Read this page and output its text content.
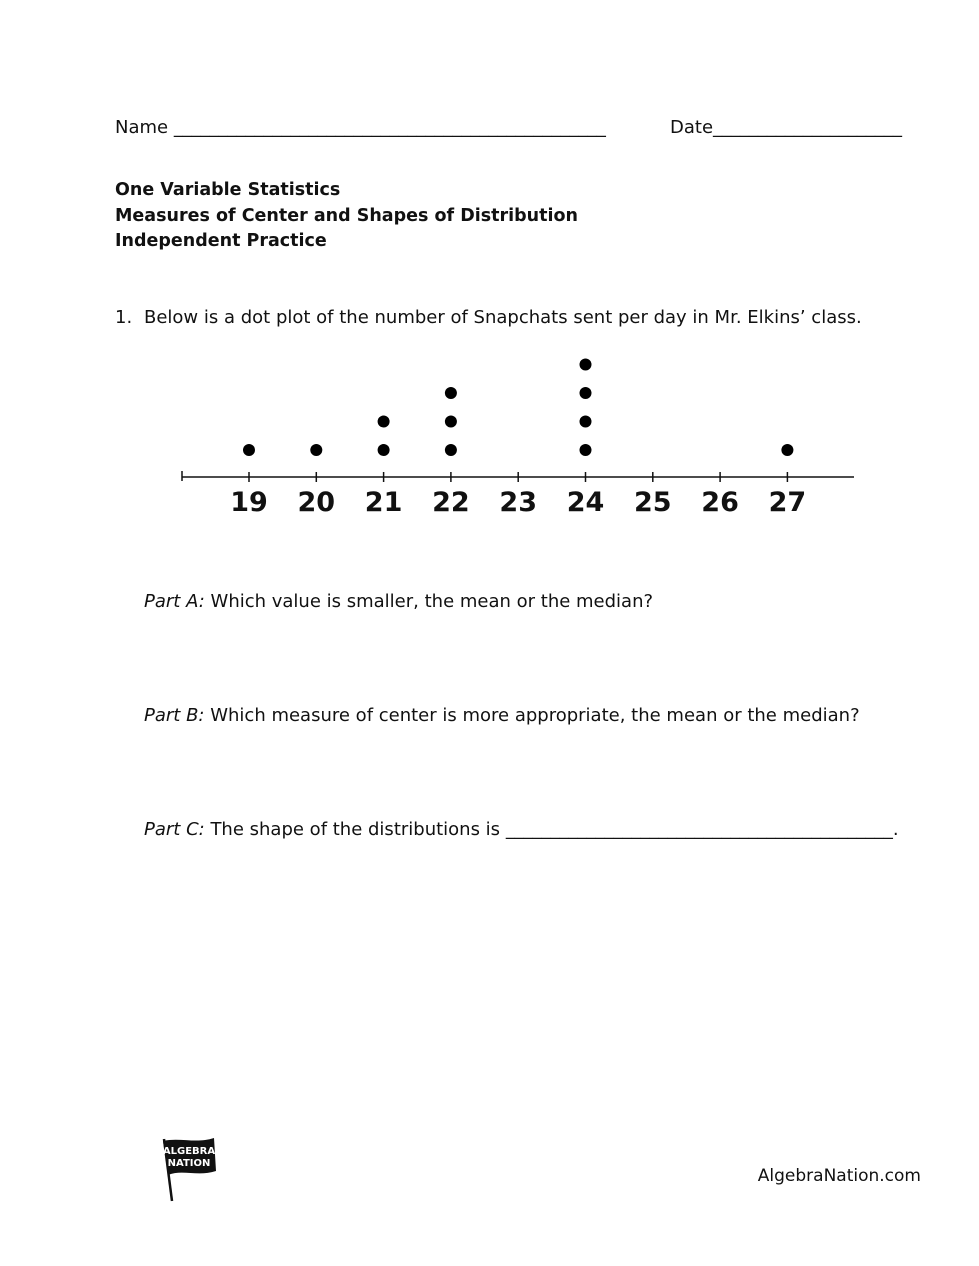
Name ________________________________________________	Date_____________________
One Variable Statistics
Measures of Center and Shapes of Distribution
Independent Practice
1. Below is a dot plot of the number of Snapchats sent per day in Mr. Elkins’ class.
19 20 21 22 23 24 25 26 27
Part A: Which value is smaller, the mean or the median?
Part B: Which measure of center is more appropriate, the mean or the median?
Part C: The shape of the distributions is ___________________________________________.
ALGEBRA
NATION
AlgebraNation.com
